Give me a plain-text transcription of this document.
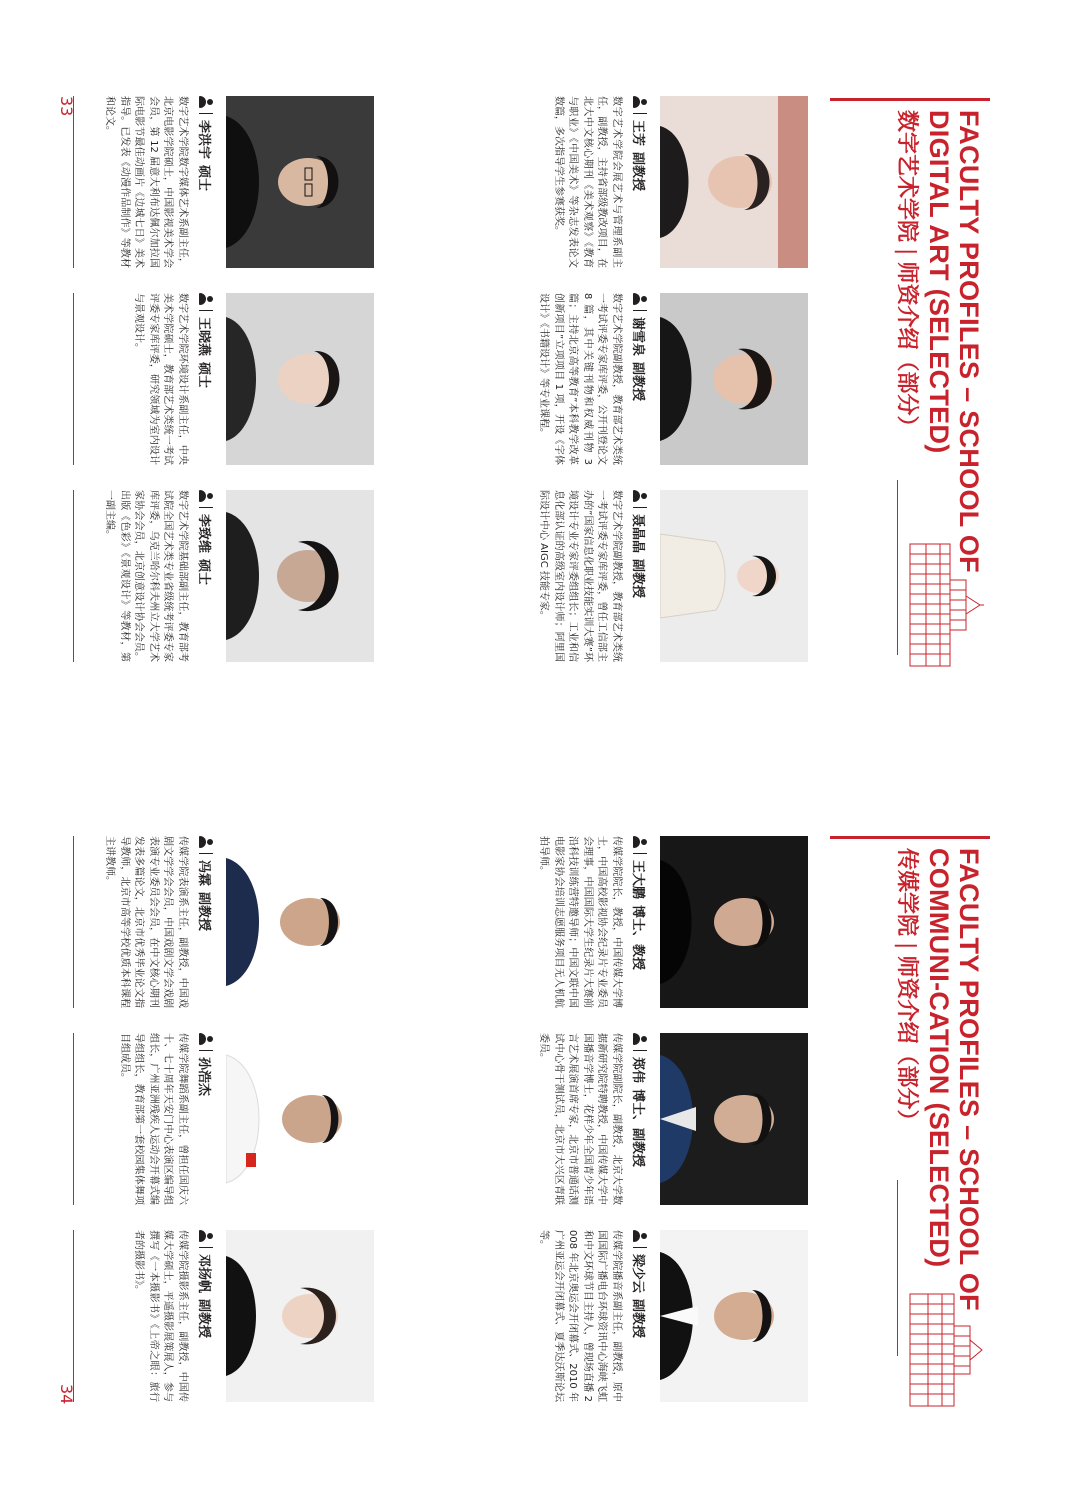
FACULTY PROFILES – SCHOOL OF DIGITAL ART (SELECTED)
数字艺术学院|师资介绍（部分）
王芳副教授
数字艺术学院会展艺术与管理系副主任，副教授，主持省部级教改项目，在北大中文核心期刊《美术观察》《教育与职业》《中国美术》等杂志发表论文数篇，多次指导学生参赛获奖。
谢雪泉副教授
数字艺术学院副教授，教育部艺术类统一考试评委专家库评委，公开刊登论文 8 篇，其中关键刊物和权威刊物 3 篇；主持北京高等教育”本科教学改革创新项目”立项项目 1 项，开设《字体设计》《书籍设计》等专业课程。
聂晶晶副教授
数字艺术学院副教授，教育部艺术类统一考试评委专家库评委，曾任工信部主办的”国家信息化职业技能实训大赛”环境设计专业专家评委组组长；工业和信息化部认证的高级室内设计师；阿里国际设计中心 AIGC 技能专家。
李洪宇硕士
数字艺术学院数字媒体艺术系副主任，北京电影学院硕士，中国影视美术学会会员，第 12 届意大利布达佩尔加拉国际电影节最佳动画片《边城七日》美术指导。已发表《动漫作品制作》等教材和论文。
王晓燕硕士
数字艺术学院环境设计系副主任，中央美术学院硕士，教育部艺术类统一考试评委专家库评委，研究领域为室内设计与景观设计。
李致维硕士
数字艺术学院基础部副主任，教育部考试院全国艺术类专业省级统考评委专家库评委，乌克兰哈尔科夫州立大学艺术家协会会员，北京创意设计协会会员。出版《色彩》《景观设计》等教材，第一副主编。
33
FACULTY PROFILES – SCHOOL OF COMMUNI-CATION (SELECTED)
传媒学院|师资介绍（部分）
王大鹏博士、教授
传媒学院院长，教授，中国传媒大学博士，中国高校影视协会纪录片专业委员会理事，中国国际大学生纪录片大赛前沿科技训练营特邀导师；中国文联中国电影家协会培训志愿服务项目无人机航拍导师。
郑伟博士、副教授
传媒学院副院长，副教授，北京大学数据新研究院特聘教授，中国传媒大学中国播音学博士，花样少年全国青少年语言艺术展演首席专家，北京市普通话测试中心骨干测试员，北京市大兴区青联委员。
梁少云副教授
传媒学院播音系副主任，副教授，原中国国际广播电台环球资讯中心海峡飞虹和中文环球节目主持人，曾现场直播 2008 年北京奥运会开闭幕式、2010 年广州亚运会开闭幕式、夏季达沃斯论坛等。
冯霖副教授
传媒学院表演系主任，副教授，中国戏剧文学学会会员，中国戏剧文学会戏剧表演专业委员会会员，在中文核心期刊发表多篇论文，北京市优秀毕业论文指导教师，北京市高等学校优质本科课程主讲教师。
孙浩杰
传媒学院舞蹈系副主任，曾担任国庆六十、七十周年天安门中心表演区编导组组长，广州亚洲残疾人运动会开幕式编导组组长，教育部第一套校园集体舞项目组成员。
邓扬帆副教授
传媒学院摄影系主任，副教授，中国传媒大学硕士，平遥摄影展策展人，参与撰写《一本摄影书》《上帝之眼：旅行者的摄影书》。
34
